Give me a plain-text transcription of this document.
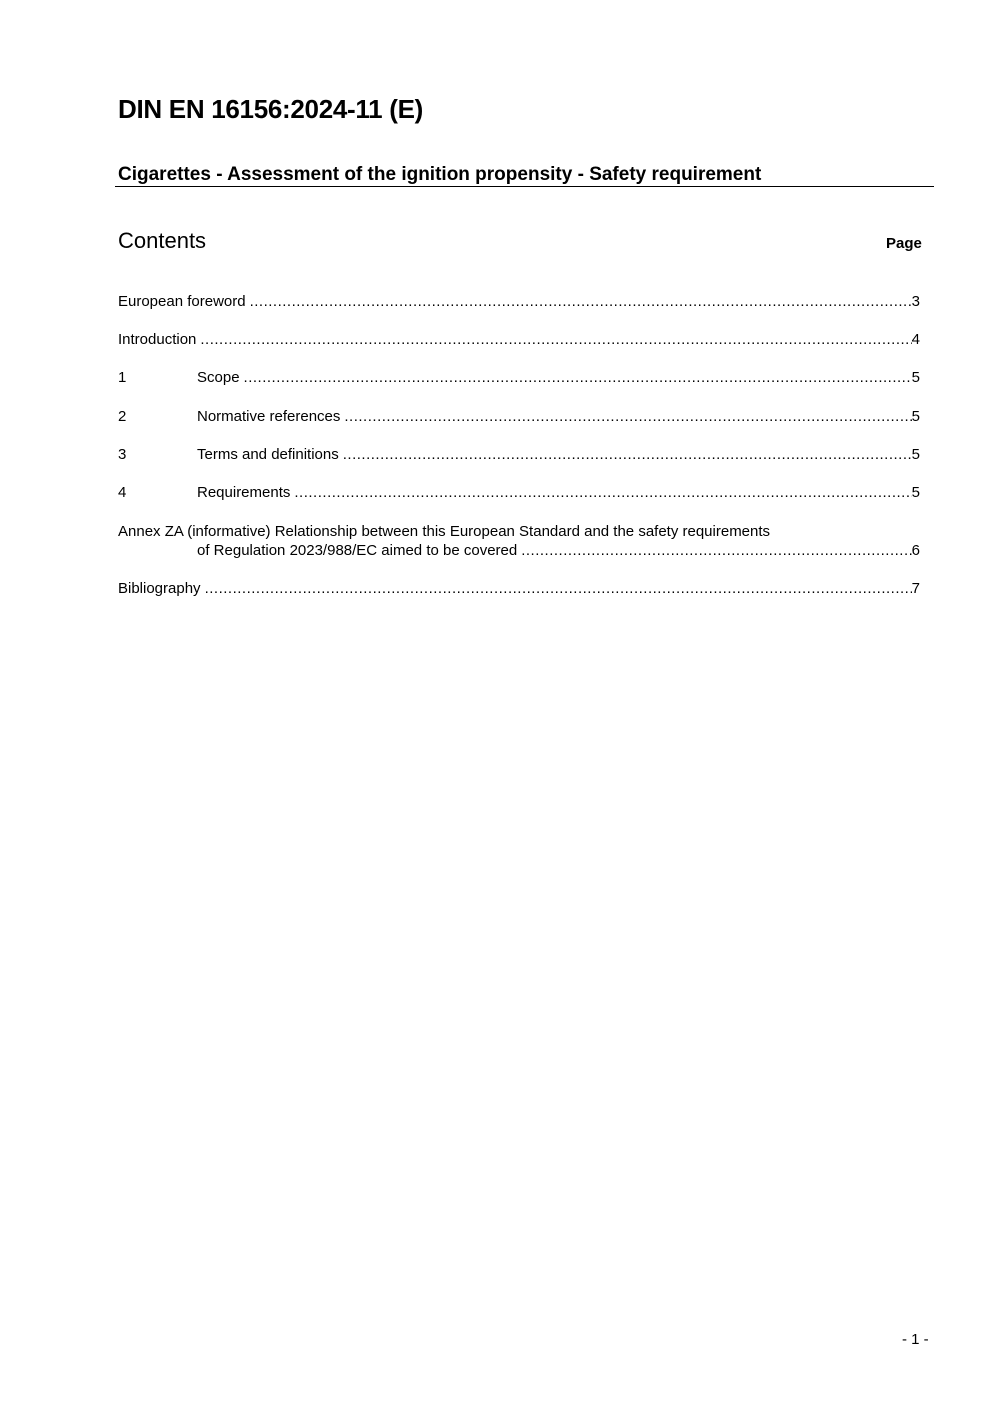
DIN EN 16156:2024-11 (E)
Cigarettes - Assessment of the ignition propensity - Safety requirement
Contents	Page
European foreword .....	3
Introduction .....	4
1	Scope .....	5
2	Normative references .....	5
3	Terms and definitions .....	5
4	Requirements .....	5
Annex ZA (informative) Relationship between this European Standard and the safety requirements
of Regulation 2023/988/EC aimed to be covered .....	6
Bibliography .....	7
- 1 -
